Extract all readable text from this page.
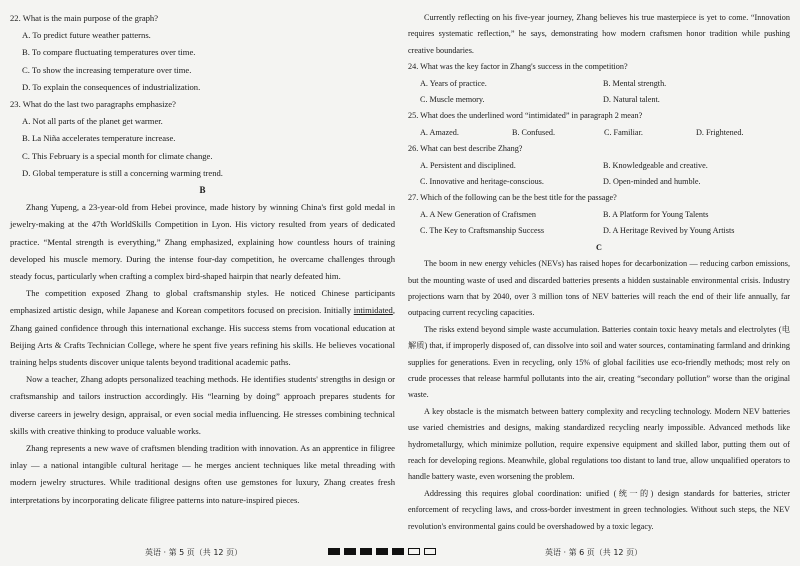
22. What is the main purpose of the graph?

A. To predict future weather patterns.

B. To compare fluctuating temperatures over time.

C. To show the increasing temperature over time.

D. To explain the consequences of industrialization.

23. What do the last two paragraphs emphasize?

A. Not all parts of the planet get warmer.

B. La Niña accelerates temperature increase.

C. This February is a special month for climate change.

D. Global temperature is still a concerning warming trend.

B

Zhang Yupeng, a 23-year-old from Hebei province, made history by winning China's first gold medal in jewelry-making at the 47th WorldSkills Competition in Lyon. His victory resulted from years of dedicated practice. “Mental strength is everything,” Zhang emphasized, explaining how countless hours of training developed his muscle memory. During the intense four-day competition, he overcame challenges through steady focus, particularly when crafting a complex bird-shaped hairpin that nearly defeated him.

The competition exposed Zhang to global craftsmanship styles. He noticed Chinese participants emphasized artistic design, while Japanese and Korean competitors focused on precision. Initially intimidated, Zhang gained confidence through this international exchange. His success stems from vocational education at Beijing Arts & Crafts Technician College, where he spent five years refining his skills. He believes vocational training helps students discover unique talents beyond traditional academic paths.

Now a teacher, Zhang adopts personalized teaching methods. He identifies students' strengths in design or craftsmanship and tailors instruction accordingly. His “learning by doing” approach prepares students for diverse careers in jewelry design, appraisal, or even social media influencing. He stresses combining technical skills with creative thinking to produce valuable works.

Zhang represents a new wave of craftsmen blending tradition with innovation. As an apprentice in filigree inlay — a national intangible cultural heritage — he merges ancient techniques like metal threading with modern jewelry structures. While traditional designs often use gemstones for luxury, Zhang creates fresh interpretations by incorporating delicate filigree patterns into nature-inspired pieces.

Currently reflecting on his five-year journey, Zhang believes his true masterpiece is yet to come. “Innovation requires systematic reflection,” he says, demonstrating how modern craftsmen honor tradition while pushing creative boundaries.

24. What was the key factor in Zhang's success in the competition?

A. Years of practice.	B. Mental strength.
C. Muscle memory.	D. Natural talent.

25. What does the underlined word “intimidated” in paragraph 2 mean?

A. Amazed.	B. Confused.	C. Familiar.	D. Frightened.

26. What can best describe Zhang?

A. Persistent and disciplined.	B. Knowledgeable and creative.
C. Innovative and heritage-conscious.	D. Open-minded and humble.

27. Which of the following can be the best title for the passage?

A. A New Generation of Craftsmen	B. A Platform for Young Talents
C. The Key to Craftsmanship Success	D. A Heritage Revived by Young Artists

C

The boom in new energy vehicles (NEVs) has raised hopes for decarbonization — reducing carbon emissions, but the mounting waste of used and discarded batteries presents a hidden sustainable environmental crisis. Industry projections warn that by 2040, over 3 million tons of NEV batteries will reach the end of their life annually, far outpacing current recycling capacities.

The risks extend beyond simple waste accumulation. Batteries contain toxic heavy metals and electrolytes (电解质) that, if improperly disposed of, can dissolve into soil and water sources, contaminating farmland and drinking supplies for generations. Even in recycling, only 15% of global facilities use eco-friendly methods; most rely on crude processes that release harmful pollutants into the air, creating “secondary pollution” worse than the original waste.

A key obstacle is the mismatch between battery complexity and recycling technology. Modern NEV batteries use varied chemistries and designs, making standardized recycling nearly impossible. Advanced methods like hydrometallurgy, which minimize pollution, require expensive equipment and skilled labor, putting them out of reach for developing regions. Meanwhile, global regulations too distant to land true, allow unqualified operators to handle battery waste, even worsening the problem.

Addressing this requires global coordination: unified (统一的) design standards for batteries, stricter enforcement of recycling laws, and cross-border investment in green technologies. Without such steps, the NEV revolution's environmental gains could be overshadowed by a toxic legacy.

英语 · 第 5 页（共 12 页）	英语 · 第 6 页（共 12 页）
